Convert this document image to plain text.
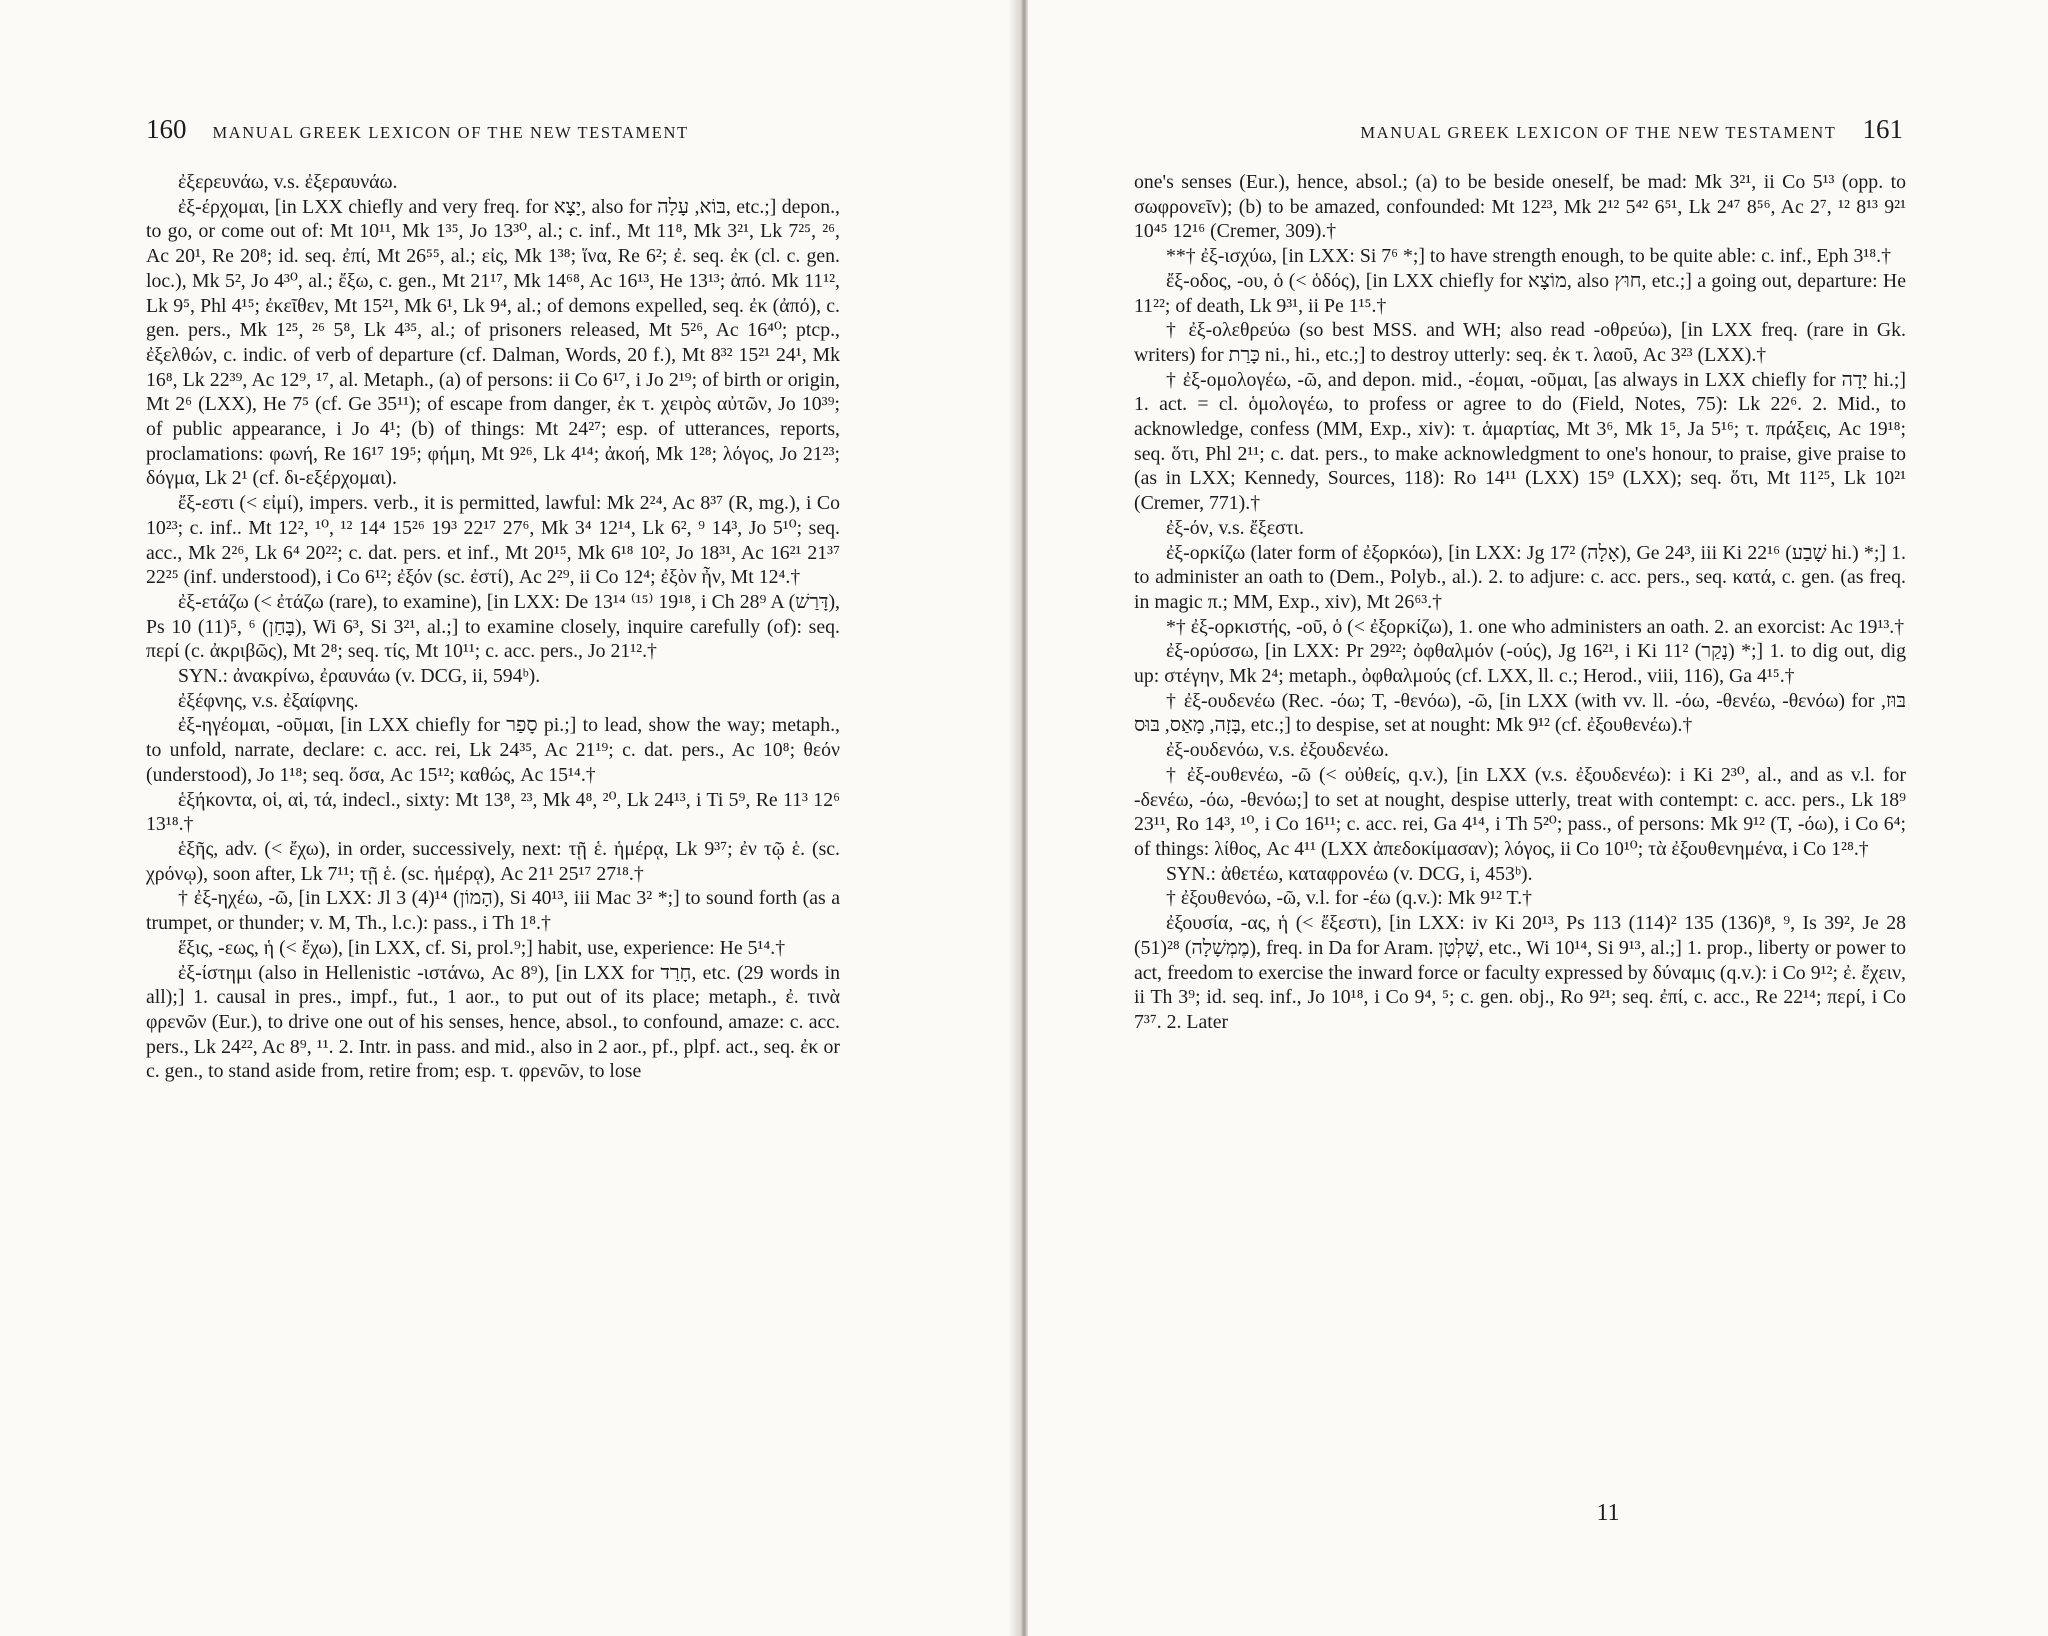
160 MANUAL GREEK LEXICON OF THE NEW TESTAMENT

ἐξερευνάω, v.s. ἐξεραυνάω.

ἐξ-έρχομαι, [in LXX chiefly and very freq. for יָצָא, also for בּוֹא, עָלָה, etc.;] depon., to go, or come out of: Mt 10¹¹, Mk 1³⁵, Jo 13³⁰, al.; c. inf., Mt 11⁸, Mk 3²¹, Lk 7²⁵, ²⁶, Ac 20¹, Re 20⁸; id. seq. ἐπί, Mt 26⁵⁵, al.; εἰς, Mk 1³⁸; ἵνα, Re 6²; ἐ. seq. ἐκ (cl. c. gen. loc.), Mk 5², Jo 4³⁰, al.; ἔξω, c. gen., Mt 21¹⁷, Mk 14⁶⁸, Ac 16¹³, He 13¹³; ἀπό. Mk 11¹², Lk 9⁵, Phl 4¹⁵; ἐκεῖθεν, Mt 15²¹, Mk 6¹, Lk 9⁴, al.; of demons expelled, seq. ἐκ (ἀπό), c. gen. pers., Mk 1²⁵, ²⁶ 5⁸, Lk 4³⁵, al.; of prisoners released, Mt 5²⁶, Ac 16⁴⁰; ptcp., ἐξελθών, c. indic. of verb of departure (cf. Dalman, Words, 20 f.), Mt 8³² 15²¹ 24¹, Mk 16⁸, Lk 22³⁹, Ac 12⁹, ¹⁷, al. Metaph., (a) of persons: ii Co 6¹⁷, i Jo 2¹⁹; of birth or origin, Mt 2⁶ (LXX), He 7⁵ (cf. Ge 35¹¹); of escape from danger, ἐκ τ. χειρὸς αὐτῶν, Jo 10³⁹; of public appearance, i Jo 4¹; (b) of things: Mt 24²⁷; esp. of utterances, reports, proclamations: φωνή, Re 16¹⁷ 19⁵; φήμη, Mt 9²⁶, Lk 4¹⁴; ἀκοή, Mk 1²⁸; λόγος, Jo 21²³; δόγμα, Lk 2¹ (cf. δι-εξέρχομαι).

ἔξ-εστι (< εἰμί), impers. verb., it is permitted, lawful: Mk 2²⁴, Ac 8³⁷ (R, mg.), i Co 10²³; c. inf.. Mt 12², ¹⁰, ¹² 14⁴ 15²⁶ 19³ 22¹⁷ 27⁶, Mk 3⁴ 12¹⁴, Lk 6², ⁹ 14³, Jo 5¹⁰; seq. acc., Mk 2²⁶, Lk 6⁴ 20²²; c. dat. pers. et inf., Mt 20¹⁵, Mk 6¹⁸ 10², Jo 18³¹, Ac 16²¹ 21³⁷ 22²⁵ (inf. understood), i Co 6¹²; ἐξόν (sc. ἐστί), Ac 2²⁹, ii Co 12⁴; ἐξὸν ἦν, Mt 12⁴.†

ἐξ-ετάζω (< ἐτάζω (rare), to examine), [in LXX: De 13¹⁴ ⁽¹⁵⁾ 19¹⁸, i Ch 28⁹ A (דָּרַשׁ), Ps 10 (11)⁵, ⁶ (בָּחַן), Wi 6³, Si 3²¹, al.;] to examine closely, inquire carefully (of): seq. περί (c. ἀκριβῶς), Mt 2⁸; seq. τίς, Mt 10¹¹; c. acc. pers., Jo 21¹².†

SYN.: ἀνακρίνω, ἐραυνάω (v. DCG, ii, 594ᵇ).

ἐξέφνης, v.s. ἐξαίφνης.

ἐξ-ηγέομαι, -οῦμαι, [in LXX chiefly for סָפַר pi.;] to lead, show the way; metaph., to unfold, narrate, declare: c. acc. rei, Lk 24³⁵, Ac 21¹⁹; c. dat. pers., Ac 10⁸; θεόν (understood), Jo 1¹⁸; seq. ὅσα, Ac 15¹²; καθώς, Ac 15¹⁴.†

ἑξήκοντα, οἱ, αἱ, τά, indecl., sixty: Mt 13⁸, ²³, Mk 4⁸, ²⁰, Lk 24¹³, i Ti 5⁹, Re 11³ 12⁶ 13¹⁸.†

ἑξῆς, adv. (< ἔχω), in order, successively, next: τῇ ἑ. ἡμέρᾳ, Lk 9³⁷; ἐν τῷ ἑ. (sc. χρόνῳ), soon after, Lk 7¹¹; τῇ ἑ. (sc. ἡμέρᾳ), Ac 21¹ 25¹⁷ 27¹⁸.†

† ἐξ-ηχέω, -ῶ, [in LXX: Jl 3 (4)¹⁴ (הָמוֹן), Si 40¹³, iii Mac 3² *;] to sound forth (as a trumpet, or thunder; v. M, Th., l.c.): pass., i Th 1⁸.†

ἕξις, -εως, ἡ (< ἔχω), [in LXX, cf. Si, prol.⁹;] habit, use, experience: He 5¹⁴.†

ἐξ-ίστημι (also in Hellenistic -ιστάνω, Ac 8⁹), [in LXX for חָרַד, etc. (29 words in all);] 1. causal in pres., impf., fut., 1 aor., to put out of its place; metaph., ἐ. τινὰ φρενῶν (Eur.), to drive one out of his senses, hence, absol., to confound, amaze: c. acc. pers., Lk 24²², Ac 8⁹, ¹¹. 2. Intr. in pass. and mid., also in 2 aor., pf., plpf. act., seq. ἐκ or c. gen., to stand aside from, retire from; esp. τ. φρενῶν, to lose

MANUAL GREEK LEXICON OF THE NEW TESTAMENT 161

one's senses (Eur.), hence, absol.; (a) to be beside oneself, be mad: Mk 3²¹, ii Co 5¹³ (opp. to σωφρονεῖν); (b) to be amazed, confounded: Mt 12²³, Mk 2¹² 5⁴² 6⁵¹, Lk 2⁴⁷ 8⁵⁶, Ac 2⁷, ¹² 8¹³ 9²¹ 10⁴⁵ 12¹⁶ (Cremer, 309).†

**† ἐξ-ισχύω, [in LXX: Si 7⁶ *;] to have strength enough, to be quite able: c. inf., Eph 3¹⁸.†

ἔξ-οδος, -ου, ὁ (< ὁδός), [in LXX chiefly for מוֹצָא, also חוּץ, etc.;] a going out, departure: He 11²²; of death, Lk 9³¹, ii Pe 1¹⁵.†

† ἐξ-ολεθρεύω (so best MSS. and WH; also read -οθρεύω), [in LXX freq. (rare in Gk. writers) for כָּרַת ni., hi., etc.;] to destroy utterly: seq. ἐκ τ. λαοῦ, Ac 3²³ (LXX).†

† ἐξ-ομολογέω, -ῶ, and depon. mid., -έομαι, -οῦμαι, [as always in LXX chiefly for יָדָה hi.;] 1. act. = cl. ὁμολογέω, to profess or agree to do (Field, Notes, 75): Lk 22⁶. 2. Mid., to acknowledge, confess (MM, Exp., xiv): τ. ἁμαρτίας, Mt 3⁶, Mk 1⁵, Ja 5¹⁶; τ. πράξεις, Ac 19¹⁸; seq. ὅτι, Phl 2¹¹; c. dat. pers., to make acknowledgment to one's honour, to praise, give praise to (as in LXX; Kennedy, Sources, 118): Ro 14¹¹ (LXX) 15⁹ (LXX); seq. ὅτι, Mt 11²⁵, Lk 10²¹ (Cremer, 771).†

ἐξ-όν, v.s. ἔξεστι.

ἐξ-ορκίζω (later form of ἐξορκόω), [in LXX: Jg 17² (אָלָה), Ge 24³, iii Ki 22¹⁶ (שָׁבַע hi.) *;] 1. to administer an oath to (Dem., Polyb., al.). 2. to adjure: c. acc. pers., seq. κατά, c. gen. (as freq. in magic π.; MM, Exp., xiv), Mt 26⁶³.†

*† ἐξ-ορκιστής, -οῦ, ὁ (< ἐξορκίζω), 1. one who administers an oath. 2. an exorcist: Ac 19¹³.†

ἐξ-ορύσσω, [in LXX: Pr 29²²; ὀφθαλμόν (-ούς), Jg 16²¹, i Ki 11² (נָקַר) *;] 1. to dig out, dig up: στέγην, Mk 2⁴; metaph., ὀφθαλμούς (cf. LXX, ll. c.; Herod., viii, 116), Ga 4¹⁵.†

† ἐξ-ουδενέω (Rec. -όω; T, -θενόω), -ῶ, [in LXX (with vv. ll. -όω, -θενέω, -θενόω) for בּוּז, בָּזָה, מָאַס, בּוּס, etc.;] to despise, set at nought: Mk 9¹² (cf. ἐξουθενέω).†

ἐξ-ουδενόω, v.s. ἐξουδενέω.

† ἐξ-ουθενέω, -ῶ (< οὐθείς, q.v.), [in LXX (v.s. ἐξουδενέω): i Ki 2³⁰, al., and as v.l. for -δενέω, -όω, -θενόω;] to set at nought, despise utterly, treat with contempt: c. acc. pers., Lk 18⁹ 23¹¹, Ro 14³, ¹⁰, i Co 16¹¹; c. acc. rei, Ga 4¹⁴, i Th 5²⁰; pass., of persons: Mk 9¹² (T, -όω), i Co 6⁴; of things: λίθος, Ac 4¹¹ (LXX ἀπεδοκίμασαν); λόγος, ii Co 10¹⁰; τὰ ἐξουθενημένα, i Co 1²⁸.†

SYN.: ἀθετέω, καταφρονέω (v. DCG, i, 453ᵇ).

† ἐξουθενόω, -ῶ, v.l. for -έω (q.v.): Mk 9¹² T.†

ἐξουσία, -ας, ἡ (< ἔξεστι), [in LXX: iv Ki 20¹³, Ps 113 (114)² 135 (136)⁸, ⁹, Is 39², Je 28 (51)²⁸ (מֶמְשָׁלָה), freq. in Da for Aram. שָׁלְטָן, etc., Wi 10¹⁴, Si 9¹³, al.;] 1. prop., liberty or power to act, freedom to exercise the inward force or faculty expressed by δύναμις (q.v.): i Co 9¹²; ἐ. ἔχειν, ii Th 3⁹; id. seq. inf., Jo 10¹⁸, i Co 9⁴, ⁵; c. gen. obj., Ro 9²¹; seq. ἐπί, c. acc., Re 22¹⁴; περί, i Co 7³⁷. 2. Later

11
